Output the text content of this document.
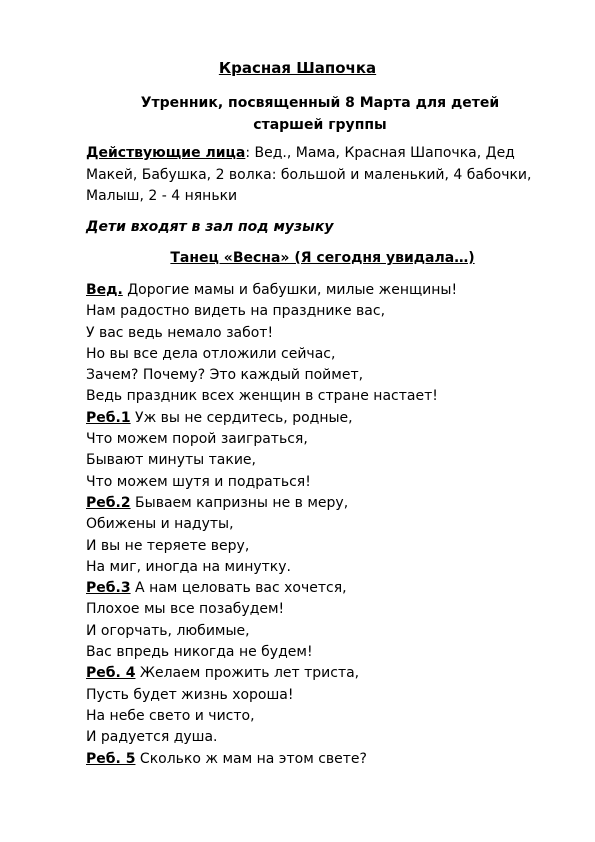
Красная Шапочка
Утренник, посвященный 8 Марта для детей
старшей группы
Действующие лица: Вед., Мама, Красная Шапочка, Дед Макей, Бабушка, 2 волка: большой и маленький, 4 бабочки, Малыш, 2 - 4 няньки
Дети входят в зал под музыку
Танец «Весна» (Я сегодня увидала…)
Вед. Дорогие мамы и бабушки, милые женщины!
Нам радостно видеть на празднике вас,
У вас ведь немало забот!
Но вы все дела отложили сейчас,
Зачем? Почему? Это каждый поймет,
Ведь праздник всех женщин в стране настает!
Реб.1 Уж вы не сердитесь, родные,
Что можем порой заиграться,
Бывают минуты такие,
Что можем шутя и подраться!
Реб.2 Бываем капризны не в меру,
Обижены и надуты,
И вы не теряете веру,
На миг, иногда на минутку.
Реб.3 А нам целовать вас хочется,
Плохое мы все позабудем!
И огорчать, любимые,
Вас впредь никогда не будем!
Реб. 4 Желаем прожить лет триста,
Пусть будет жизнь хороша!
На небе свето и чисто,
И радуется душа.
Реб. 5 Сколько ж мам на этом свете?
